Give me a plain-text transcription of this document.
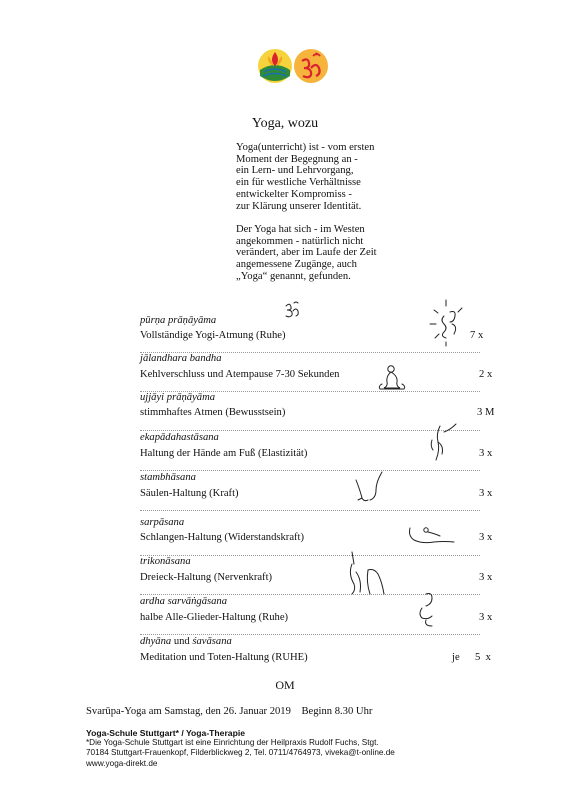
Yoga, wozu
Yoga(unterricht) ist - vom ersten
Moment der Begegnung an -
ein Lern- und Lehrvorgang,
ein für westliche Verhältnisse
entwickelter Kompromiss -
zur Klärung unserer Identität.
Der Yoga hat sich - im Westen
angekommen - natürlich nicht
verändert, aber im Laufe der Zeit
angemessene Zugänge, auch
„Yoga“ genannt, gefunden.
pūrṇa prāṇāyāma
Vollständige Yogi-Atmung (Ruhe)	7 x
jālandhara bandha
Kehlverschluss und Atempause 7-30 Sekunden	2 x
ujjāyi prāṇāyāma
stimmhaftes Atmen (Bewusstsein)	3 M
ekapādahastāsana
Haltung der Hände am Fuß (Elastizität)	3 x
stambhāsana
Säulen-Haltung (Kraft)	3 x
sarpāsana
Schlangen-Haltung (Widerstandskraft)	3 x
trikonāsana
Dreieck-Haltung (Nervenkraft)	3 x
ardha sarvāṅgāsana
halbe Alle-Glieder-Haltung (Ruhe)	3 x
dhyāna und śavāsana
Meditation und Toten-Haltung (RUHE)	je 5  x
OM
Svarūpa-Yoga am Samstag, den 26. Januar 2019    Beginn 8.30 Uhr
Yoga-Schule Stuttgart* / Yoga-Therapie
*Die Yoga-Schule Stuttgart ist eine Einrichtung der Heilpraxis Rudolf Fuchs, Stgt.
70184 Stuttgart-Frauenkopf, Filderblickweg 2, Tel. 0711/4764973, viveka@t-online.de
www.yoga-direkt.de
